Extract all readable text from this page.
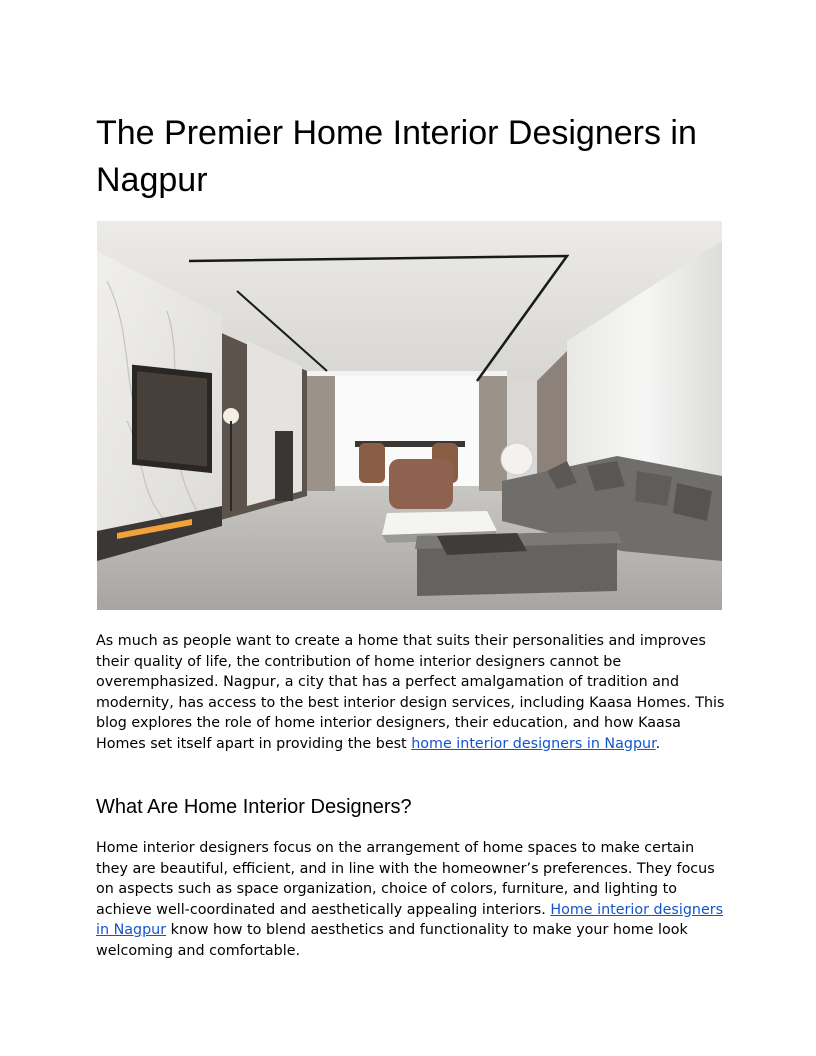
The Premier Home Interior Designers in Nagpur

As much as people want to create a home that suits their personalities and improves their quality of life, the contribution of home interior designers cannot be overemphasized. Nagpur, a city that has a perfect amalgamation of tradition and modernity, has access to the best interior design services, including Kaasa Homes. This blog explores the role of home interior designers, their education, and how Kaasa Homes set itself apart in providing the best home interior designers in Nagpur.

What Are Home Interior Designers?

Home interior designers focus on the arrangement of home spaces to make certain they are beautiful, efficient, and in line with the homeowner’s preferences. They focus on aspects such as space organization, choice of colors, furniture, and lighting to achieve well-coordinated and aesthetically appealing interiors. Home interior designers in Nagpur know how to blend aesthetics and functionality to make your home look welcoming and comfortable.
